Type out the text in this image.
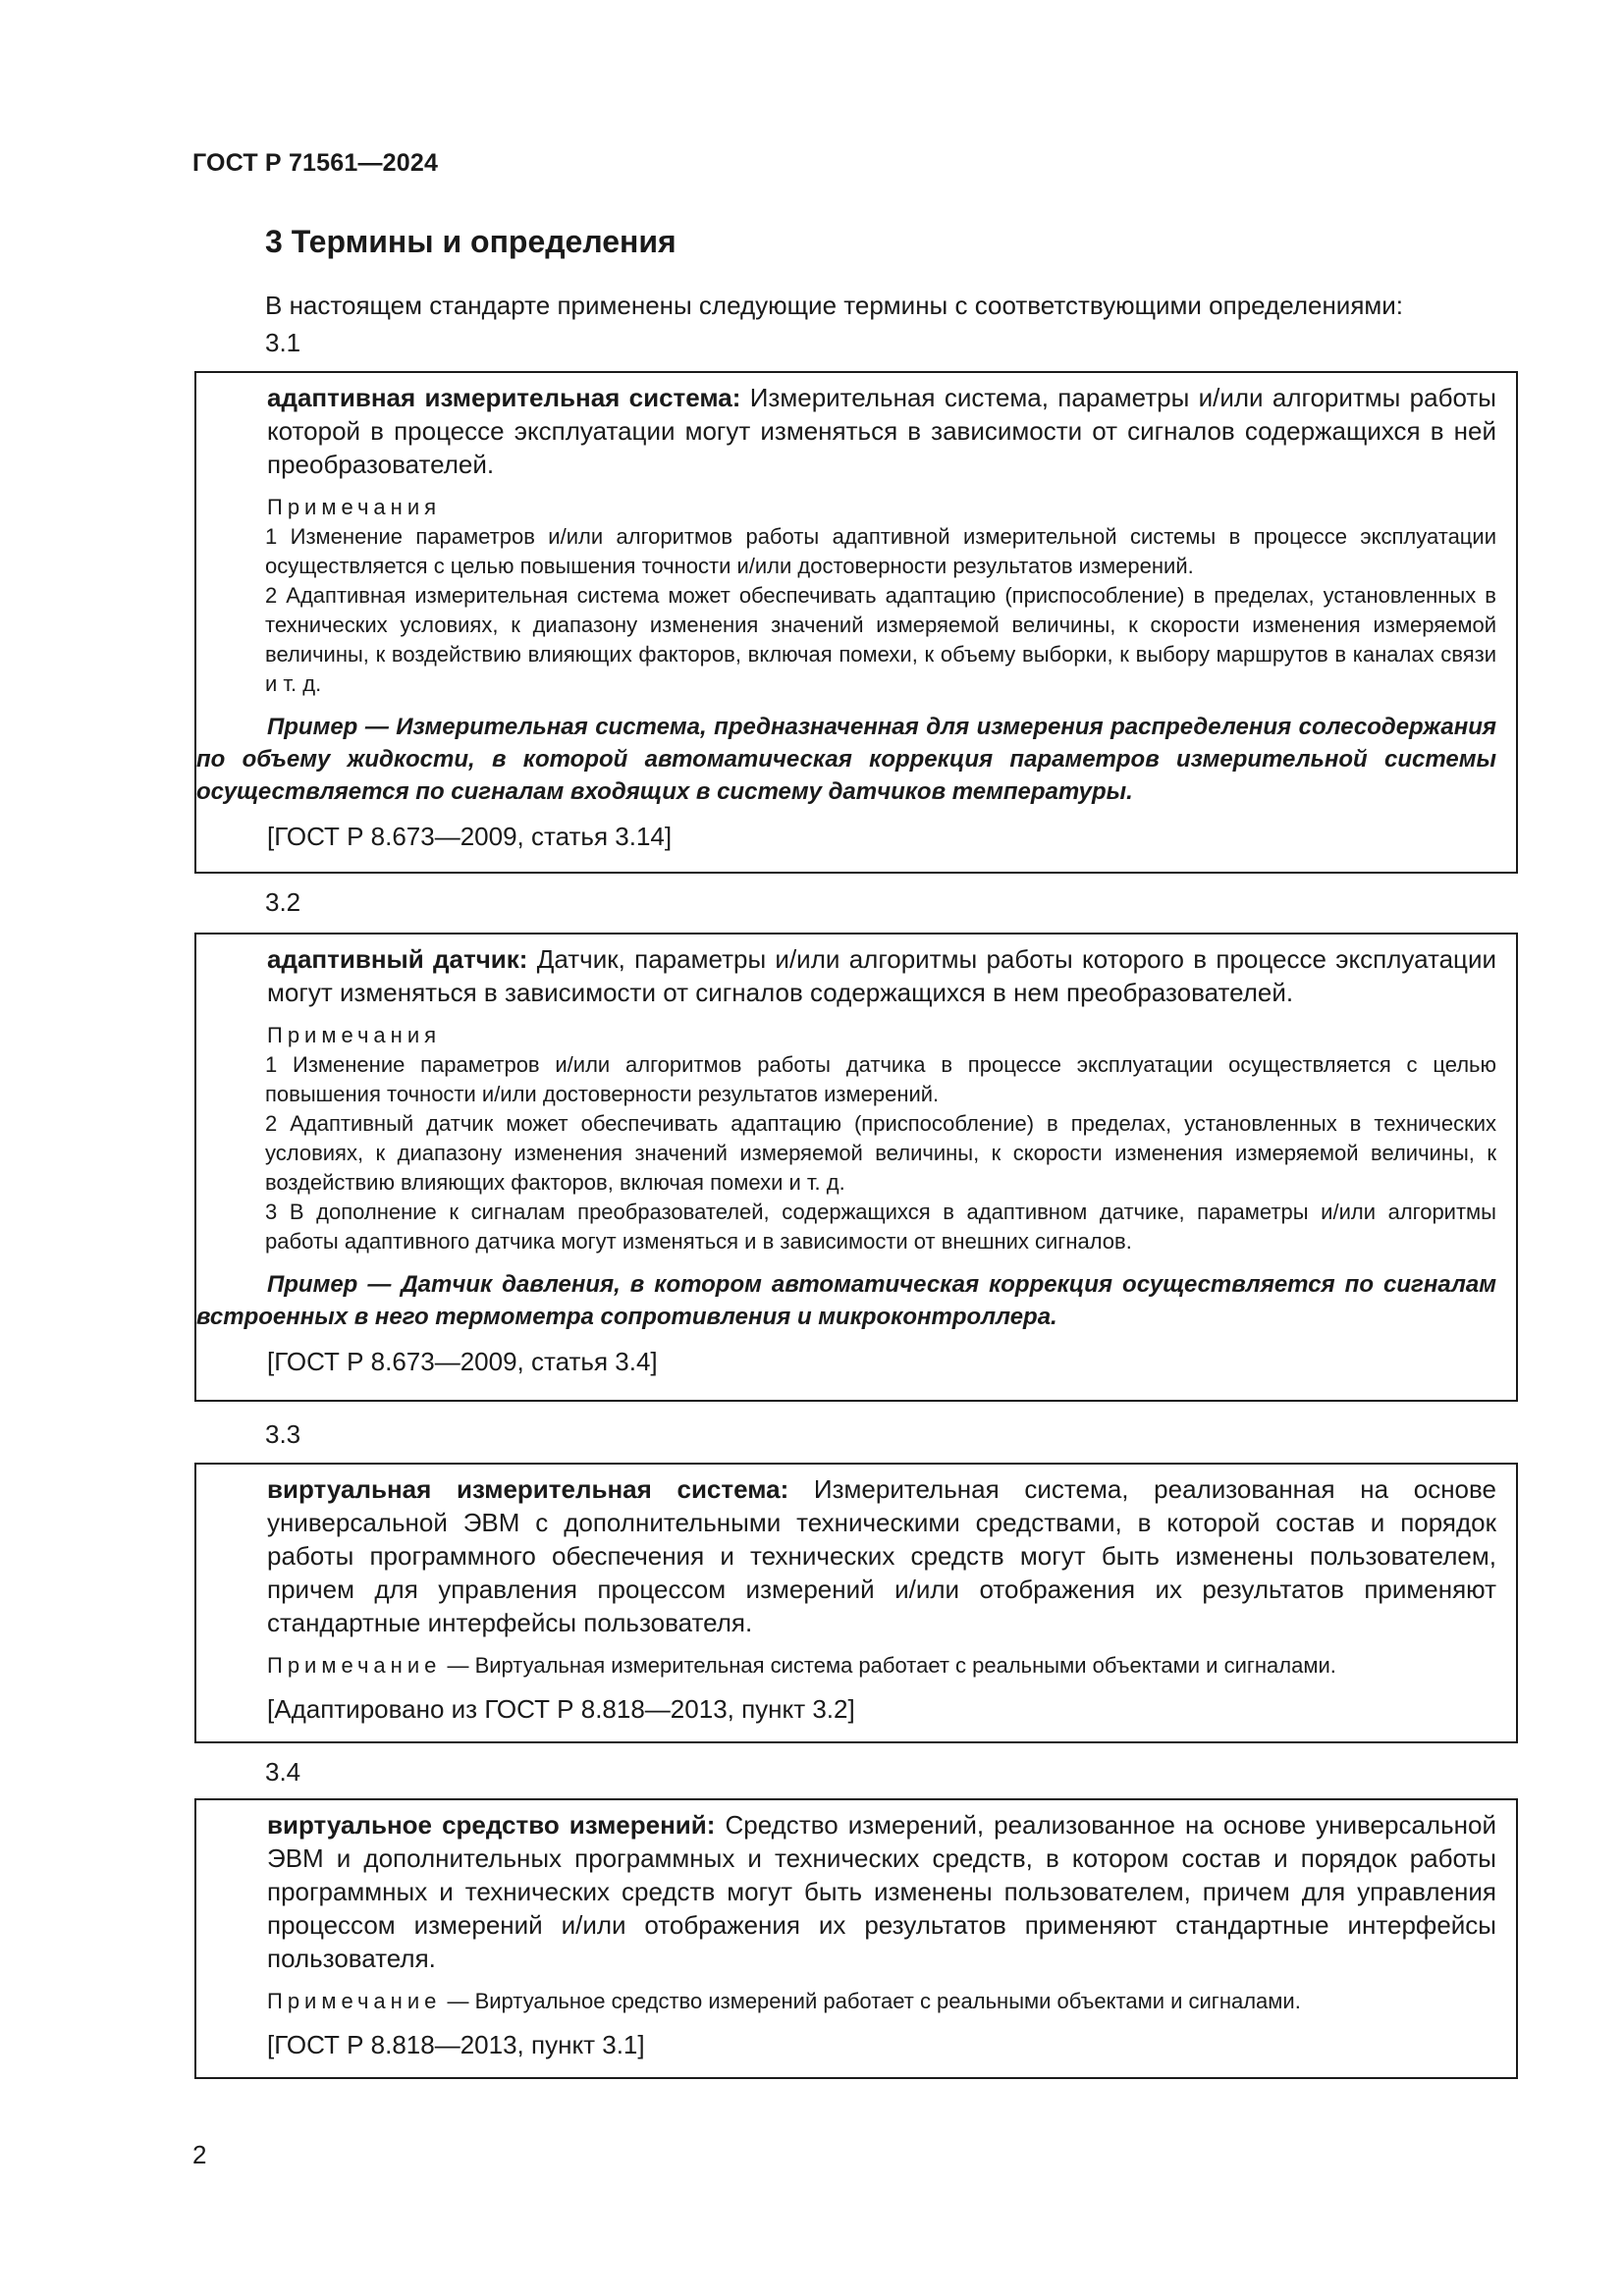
ГОСТ Р 71561—2024
3 Термины и определения
В настоящем стандарте применены следующие термины с соответствующими определениями:
3.1

адаптивная измерительная система: Измерительная система, параметры и/или алгоритмы работы которой в процессе эксплуатации могут изменяться в зависимости от сигналов содержащихся в ней преобразователей.

Примечания

1 Изменение параметров и/или алгоритмов работы адаптивной измерительной системы в процессе эксплуатации осуществляется с целью повышения точности и/или достоверности результатов измерений.

2 Адаптивная измерительная система может обеспечивать адаптацию (приспособление) в пределах, установленных в технических условиях, к диапазону изменения значений измеряемой величины, к скорости изменения измеряемой величины, к воздействию влияющих факторов, включая помехи, к объему выборки, к выбору маршрутов в каналах связи и т. д.

Пример — Измерительная система, предназначенная для измерения распределения солесодержания по объему жидкости, в которой автоматическая коррекция параметров измерительной системы осуществляется по сигналам входящих в систему датчиков температуры.

[ГОСТ Р 8.673—2009, статья 3.14]

3.2

адаптивный датчик: Датчик, параметры и/или алгоритмы работы которого в процессе эксплуатации могут изменяться в зависимости от сигналов содержащихся в нем преобразователей.

Примечания

1 Изменение параметров и/или алгоритмов работы датчика в процессе эксплуатации осуществляется с целью повышения точности и/или достоверности результатов измерений.

2 Адаптивный датчик может обеспечивать адаптацию (приспособление) в пределах, установленных в технических условиях, к диапазону изменения значений измеряемой величины, к скорости изменения измеряемой величины, к воздействию влияющих факторов, включая помехи и т. д.

3 В дополнение к сигналам преобразователей, содержащихся в адаптивном датчике, параметры и/или алгоритмы работы адаптивного датчика могут изменяться и в зависимости от внешних сигналов.

Пример — Датчик давления, в котором автоматическая коррекция осуществляется по сигналам встроенных в него термометра сопротивления и микроконтроллера.

[ГОСТ Р 8.673—2009, статья 3.4]

3.3

виртуальная измерительная система: Измерительная система, реализованная на основе универсальной ЭВМ с дополнительными техническими средствами, в которой состав и порядок работы программного обеспечения и технических средств могут быть изменены пользователем, причем для управления процессом измерений и/или отображения их результатов применяют стандартные интерфейсы пользователя.

Примечание — Виртуальная измерительная система работает с реальными объектами и сигналами.

[Адаптировано из ГОСТ Р 8.818—2013, пункт 3.2]

3.4

виртуальное средство измерений: Средство измерений, реализованное на основе универсальной ЭВМ и дополнительных программных и технических средств, в котором состав и порядок работы программных и технических средств могут быть изменены пользователем, причем для управления процессом измерений и/или отображения их результатов применяют стандартные интерфейсы пользователя.

Примечание — Виртуальное средство измерений работает с реальными объектами и сигналами.

[ГОСТ Р 8.818—2013, пункт 3.1]

2
